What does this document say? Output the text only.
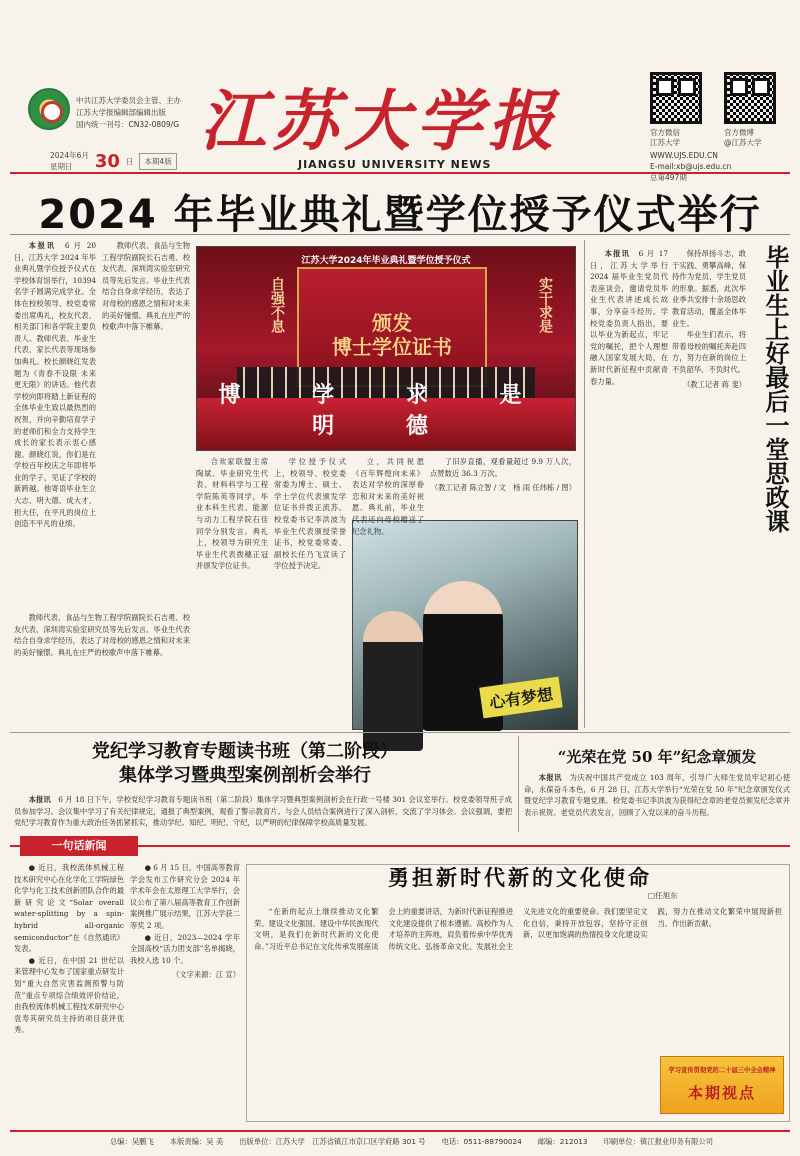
中共江苏大学委员会主管、主办
江苏大学报编辑部编辑出版
国内统一刊号：CN32-0809/G 江苏大学报
JIANGSU UNIVERSITY NEWS
2024年6月
星期日	30 日	本期4版
官方微信
江苏大学
官方微博
@江苏大学
WWW.UJS.EDU.CN
E-mail:xb@ujs.edu.cn
总第497期
2024 年毕业典礼暨学位授予仪式举行

本报讯　 6 月 20 日，江苏大学 2024 年毕业典礼暨学位授予仪式在学校体育馆举行，10394 名学子圆满完成学业。全体在校校领导、校党委常委出席典礼，校友代表、相关部门和各学院主要负责人、教师代表、毕业生代表、家长代表等现场参加典礼。校长颜晓红发表题为《青春不设限 未来更无限》的讲话。他代表学校向即将踏上新征程的全体毕业生致以最热烈的祝贺，并向辛勤培育学子的老师们和全力支持学生成长的家长表示衷心感谢。颜晓红说，你们是在学校百年校庆之年即将毕业的学子，见证了学校的新跨越。他寄语毕业生立大志、明大德、成大才、担大任，在平凡的岗位上创造不平凡的业绩。

教师代表、食品与生物工程学院副院长石吉勇、校友代表、深圳湾实验室研究员等先后发言。毕业生代表结合自身求学经历，表达了对母校的感恩之情和对未来的美好憧憬。典礼在庄严的校歌声中落下帷幕。

教师代表、食品与生物工程学院副院长石吉勇、校友代表、深圳湾实验室研究员等先后发言。毕业生代表结合自身求学经历，表达了对母校的感恩之情和对未来的美好憧憬。典礼在庄严的校歌声中落下帷幕。

江苏大学2024年毕业典礼暨学位授予仪式
自强不息	实干求是
颁发
博士学位证书
博 学 求 是 明 德

合欢家联盟主席陶斌、毕业研究生代表、材料科学与工程学院陈英等同学，毕业本科生代表、能源与动力工程学院石佳同学分别发言。典礼上，校领导为研究生毕业生代表拨穗正冠并颁发学位证书。

学位授予仪式上，校领导、校党委常委为博士、硕士、学士学位代表颁发学位证书并拨正流苏。校党委书记李洪波为毕业生代表颁授荣誉证书，校党委常委、副校长任乃飞宣读了学位授予决定。

立，共同祝愿《百年辉煌向未来》表达对学校的深厚眷恋和对未来的美好祝愿。典礼前，毕业生代表还向母校赠送了纪念礼物。

心有梦想

了旧岁直播，观看量超过 9.9 万人次，点赞数近 36.3 万次。

（教工记者 陈立智 / 文　杨 雨 任纬栋 / 图）

本报讯　 6 月 17 日，江苏大学举行 2024 届毕业生党员代表座谈会，邀请党员毕业生代表讲述成长故事，分享奋斗经历。学校党委负责人指出，要以毕业为新起点，牢记党的嘱托，把个人理想融入国家发展大局，在新时代新征程中贡献青春力量。

保持昂扬斗志，敢于实践、勇攀高峰，保持作为党员、学生党员的形象。据悉，此次毕业季共安排十余场思政教育活动，覆盖全体毕业生。

毕业生们表示，将带着母校的嘱托奔赴四方，努力在新的岗位上不负韶华、不负时代。

（教工记者 蒋 斐） 毕业生上好最后一堂思政课
党纪学习教育专题读书班（第二阶段）
集体学习暨典型案例剖析会举行

本报讯　 6 月 18 日下午，学校党纪学习教育专题读书班（第二阶段）集体学习暨典型案例剖析会在行政一号楼 301 会议室举行。校党委领导班子成员参加学习。会议集中学习了有关纪律规定，通报了典型案例，观看了警示教育片。与会人员结合案例进行了深入剖析，交流了学习体会。会议强调，要把党纪学习教育作为重大政治任务抓紧抓实，推动学纪、知纪、明纪、守纪，以严明的纪律保障学校高质量发展。

“光荣在党 50 年”纪念章颁发

本报讯　 为庆祝中国共产党成立 103 周年，引导广大师生党员牢记初心使命，永葆奋斗本色，6 月 28 日，江苏大学举行“光荣在党 50 年”纪念章颁发仪式暨党纪学习教育专题党课。校党委书记李洪波为获得纪念章的老党员颁发纪念章并表示祝贺。老党员代表发言，回顾了入党以来的奋斗历程。

一句话新闻

● 近日，我校流体机械工程技术研究中心在化学化工学院绿色化学与化工技术创新团队合作的最新研究论文“Solar overall water-splitting by a spin-hybrid all-organic semiconductor”在《自然通讯》发表。

● 近日，在中国 21 世纪以来管理中心发布了国家重点研发计划“重大自然灾害监测预警与防范”重点专项综合绩效评价结论，由我校流体机械工程技术研究中心袁寿其研究员主持的项目获评优秀。

● 6 月 15 日，中国高等教育学会发布工作研究分会 2024 年学术年会在太原理工大学举行，会议公布了第八届高等教育工作创新案例推广展示结果，江苏大学获二等奖 2 项。

● 近日，2023—2024 学年全国高校“活力团支部”名单揭晓，我校入选 10 个。

（文字来源：江 宣）
勇担新时代新的文化使命
□任旭东

“在新的起点上继续推动文化繁荣、建设文化强国、建设中华民族现代文明，是我们在新时代新的文化使命。”习近平总书记在文化传承发展座谈会上的重要讲话，为新时代新征程推进文化建设提供了根本遵循。高校作为人才培养的主阵地，肩负着传承中华优秀传统文化、弘扬革命文化、发展社会主义先进文化的重要使命。我们要坚定文化自信，秉持开放包容，坚持守正创新，以更加饱满的热情投身文化建设实践，努力在推动文化繁荣中展现新担当、作出新贡献。

学习宣传贯彻党的二十届三中全会精神
本期视点
总编：吴鹏飞 本版责编：吴 美 出版单位：江苏大学　江苏省镇江市京口区学府路 301 号 电话：0511-88790024 邮编：212013 印刷单位：镇江报业印务有限公司
